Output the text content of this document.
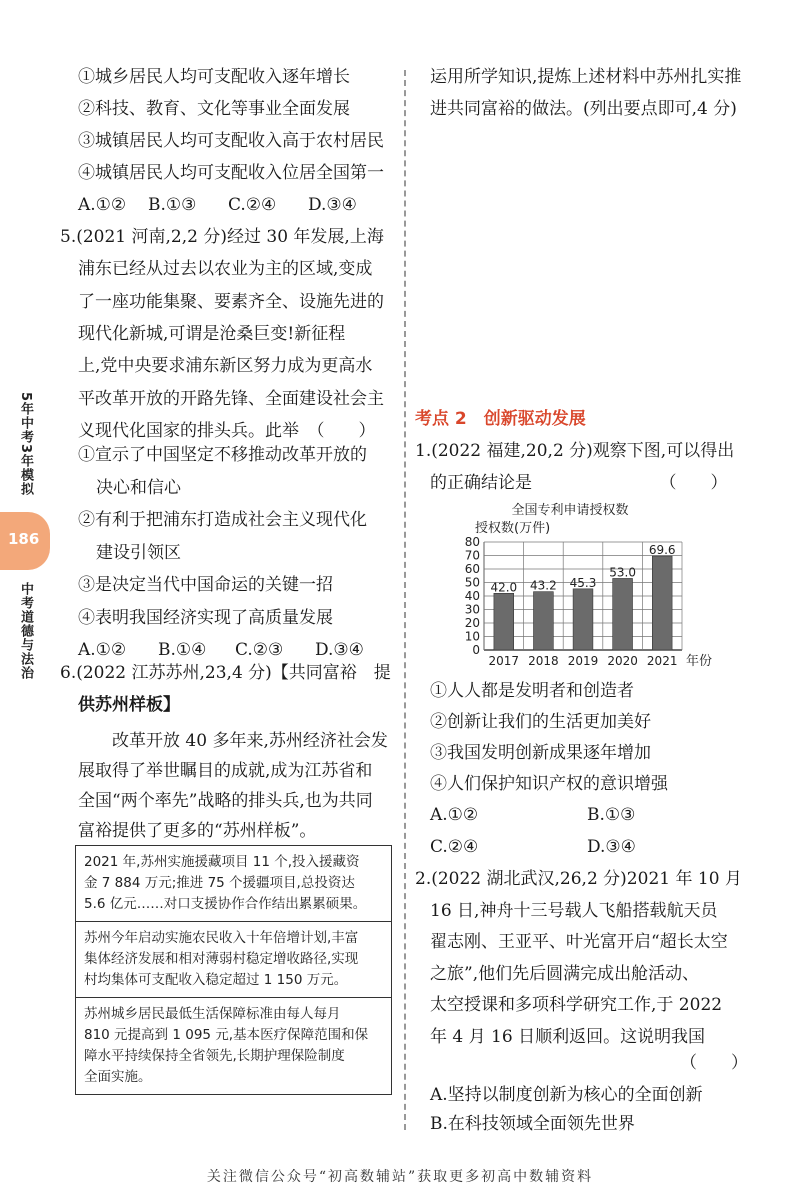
5年中考3年模拟
186
中考道德与法治
①城乡居民人均可支配收入逐年增长
②科技、教育、文化等事业全面发展
③城镇居民人均可支配收入高于农村居民
④城镇居民人均可支配收入位居全国第一
A.①② B.①③ C.②④ D.③④
5.(2021 河南,2,2 分)经过 30 年发展,上海
浦东已经从过去以农业为主的区域,变成
了一座功能集聚、要素齐全、设施先进的
现代化新城,可谓是沧桑巨变!新征程
上,党中央要求浦东新区努力成为更高水
平改革开放的开路先锋、全面建设社会主
义现代化国家的排头兵。此举　（　　）
①宣示了中国坚定不移推动改革开放的
决心和信心
②有利于把浦东打造成社会主义现代化
建设引领区
③是决定当代中国命运的关键一招
④表明我国经济实现了高质量发展
A.①② B.①④ C.②③ D.③④
6.(2022 江苏苏州,23,4 分)【共同富裕　提
供苏州样板】
改革开放 40 多年来,苏州经济社会发
展取得了举世瞩目的成就,成为江苏省和
全国“两个率先”战略的排头兵,也为共同
富裕提供了更多的“苏州样板”。
2021 年,苏州实施援藏项目 11 个,投入援藏资
金 7 884 万元;推进 75 个援疆项目,总投资达
5.6 亿元……对口支援协作合作结出累累硕果。
苏州今年启动实施农民收入十年倍增计划,丰富
集体经济发展和相对薄弱村稳定增收路径,实现
村均集体可支配收入稳定超过 1 150 万元。
苏州城乡居民最低生活保障标准由每人每月
810 元提高到 1 095 元,基本医疗保障范围和保
障水平持续保持全省领先,长期护理保险制度
全面实施。
运用所学知识,提炼上述材料中苏州扎实推
进共同富裕的做法。(列出要点即可,4 分)
考点 2　创新驱动发展
1.(2022 福建,20,2 分)观察下图,可以得出
的正确结论是　　　　　　　　（　　）
①人人都是发明者和创造者
②创新让我们的生活更加美好
③我国发明创新成果逐年增加
④人们保护知识产权的意识增强
A.①②	B.①③
C.②④	D.③④
2.(2022 湖北武汉,26,2 分)2021 年 10 月
16 日,神舟十三号载人飞船搭载航天员
翟志刚、王亚平、叶光富开启“超长太空
之旅”,他们先后圆满完成出舱活动、
太空授课和多项科学研究工作,于 2022
年 4 月 16 日顺利返回。这说明我国
（　　）
A.坚持以制度创新为核心的全面创新
B.在科技领域全面领先世界
全国专利申请授权数
授权数(万件)
年份
0
10
20
30
40
50
60
70
80
42.0
2017
43.2
2018
45.3
2019
53.0
2020
69.6
2021
关注微信公众号“初高数辅站”获取更多初高中数辅资料
